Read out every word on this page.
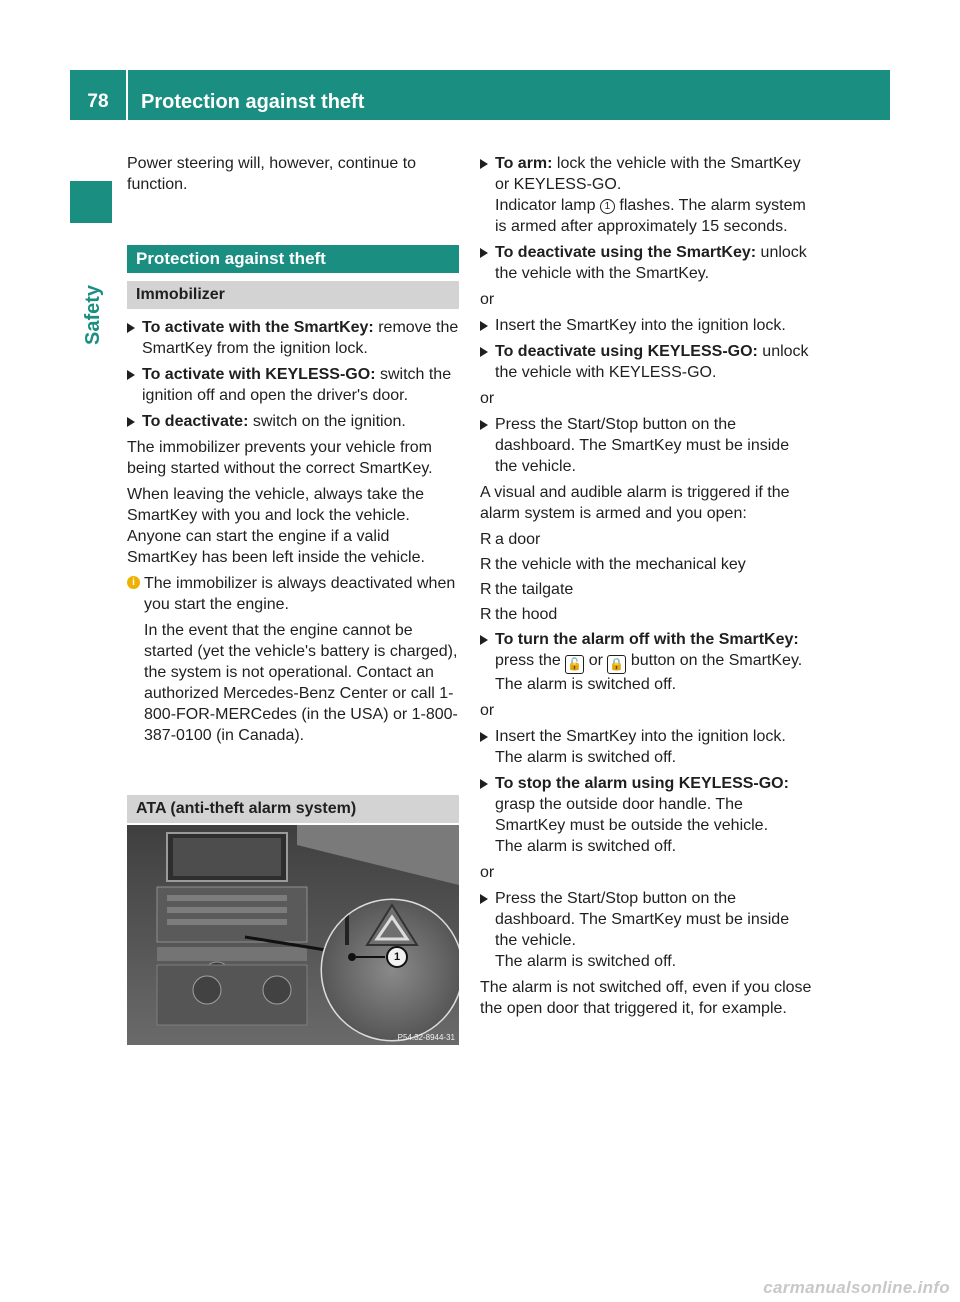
78	Protection against theft
Safety

Power steering will, however, continue to function.

Protection against theft
Immobilizer
To activate with the SmartKey: remove the SmartKey from the ignition lock.
To activate with KEYLESS-GO: switch the ignition off and open the driver's door.
To deactivate: switch on the ignition.

The immobilizer prevents your vehicle from being started without the correct SmartKey.

When leaving the vehicle, always take the SmartKey with you and lock the vehicle. Anyone can start the engine if a valid SmartKey has been left inside the vehicle.

i The immobilizer is always deactivated when you start the engine.

In the event that the engine cannot be started (yet the vehicle's battery is charged), the system is not operational. Contact an authorized Mercedes-Benz Center or call 1-800-FOR-MERCedes (in the USA) or 1-800-387-0100 (in Canada).

ATA (anti-theft alarm system)
1
P54.32-8944-31
To arm: lock the vehicle with the SmartKey or KEYLESS-GO.
Indicator lamp 1 flashes. The alarm system is armed after approximately 15 seconds.
To deactivate using the SmartKey: unlock the vehicle with the SmartKey.

or

Insert the SmartKey into the ignition lock.
To deactivate using KEYLESS-GO: unlock the vehicle with KEYLESS-GO.

or

Press the Start/Stop button on the dashboard. The SmartKey must be inside the vehicle.

A visual and audible alarm is triggered if the alarm system is armed and you open:

R a door
R the vehicle with the mechanical key
R the tailgate
R the hood
To turn the alarm off with the SmartKey: press the 🔓 or 🔒 button on the SmartKey.
The alarm is switched off.

or

Insert the SmartKey into the ignition lock.
The alarm is switched off.
To stop the alarm using KEYLESS-GO: grasp the outside door handle. The SmartKey must be outside the vehicle.
The alarm is switched off.

or

Press the Start/Stop button on the dashboard. The SmartKey must be inside the vehicle.
The alarm is switched off.

The alarm is not switched off, even if you close the open door that triggered it, for example.

carmanualsonline.info
